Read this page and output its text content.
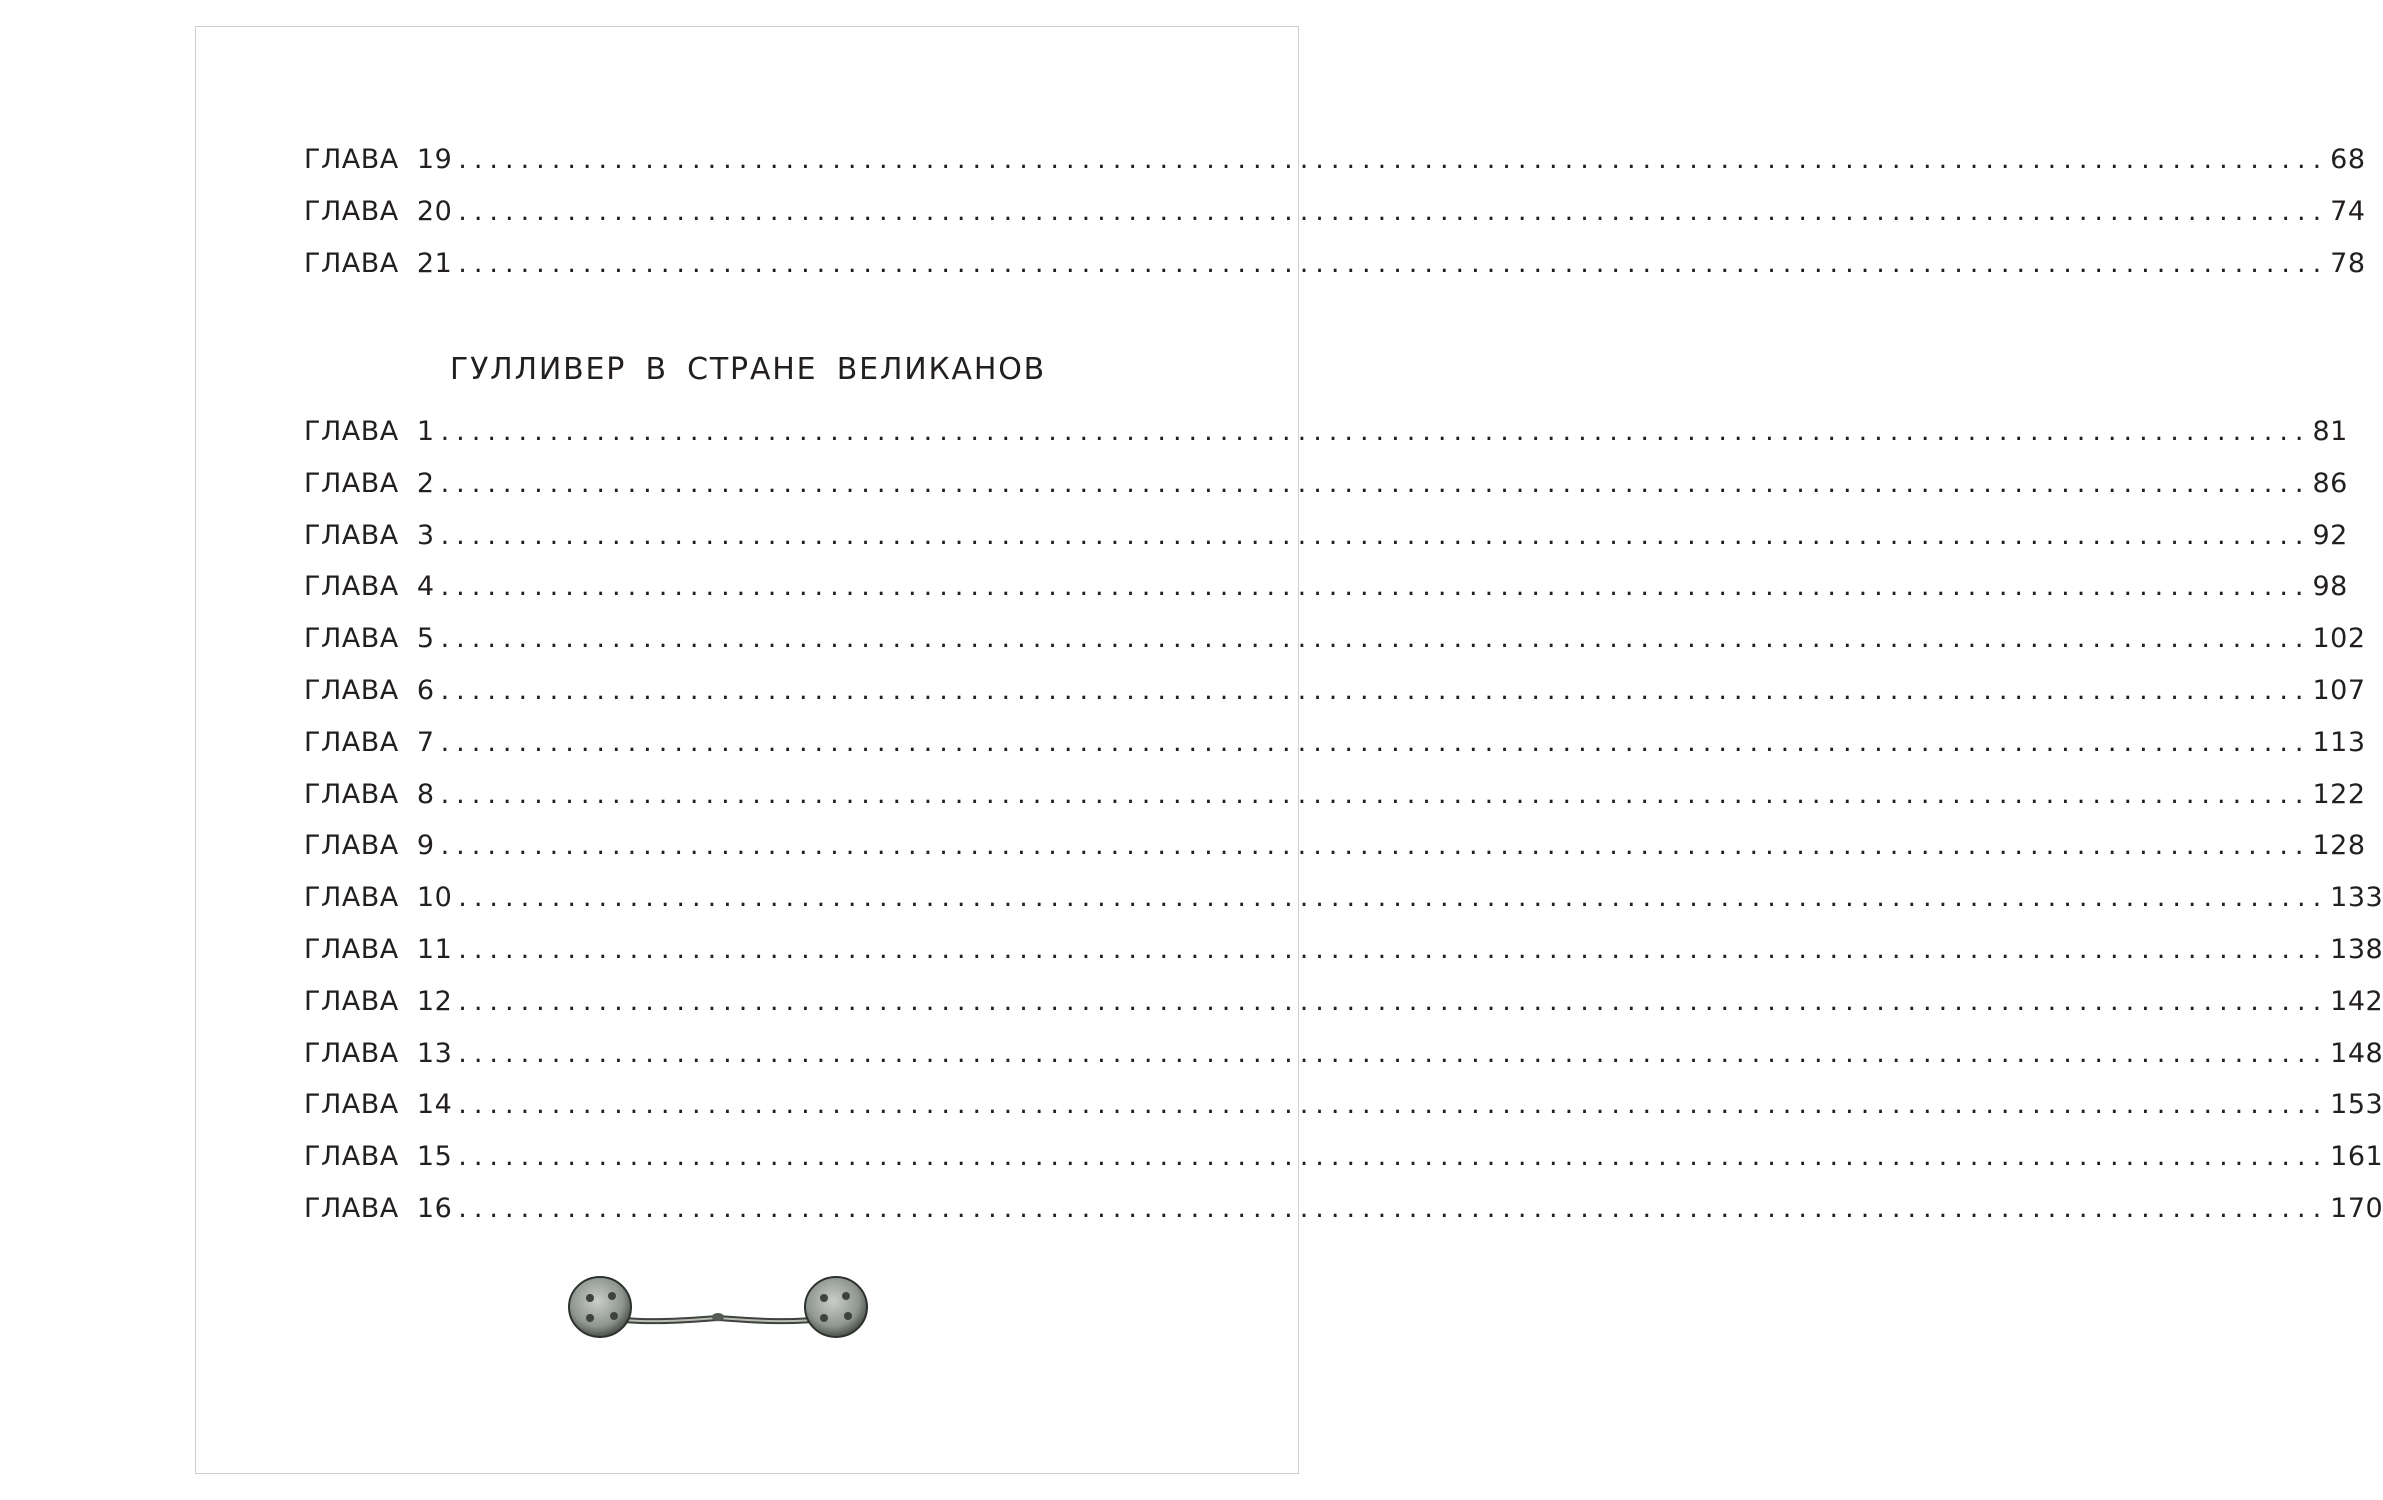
ГЛАВА  19 ........................................................................................................................ 68
ГЛАВА  20 ........................................................................................................................ 74
ГЛАВА  21 ........................................................................................................................ 78
ГУЛЛИВЕР В СТРАНЕ ВЕЛИКАНОВ
ГЛАВА  1 ........................................................................................................................ 81
ГЛАВА  2 ........................................................................................................................ 86
ГЛАВА  3 ........................................................................................................................ 92
ГЛАВА  4 ........................................................................................................................ 98
ГЛАВА  5 ........................................................................................................................ 102
ГЛАВА  6 ........................................................................................................................ 107
ГЛАВА  7 ........................................................................................................................ 113
ГЛАВА  8 ........................................................................................................................ 122
ГЛАВА  9 ........................................................................................................................ 128
ГЛАВА  10 ........................................................................................................................ 133
ГЛАВА  11 ........................................................................................................................ 138
ГЛАВА  12 ........................................................................................................................ 142
ГЛАВА  13 ........................................................................................................................ 148
ГЛАВА  14 ........................................................................................................................ 153
ГЛАВА  15 ........................................................................................................................ 161
ГЛАВА  16 ........................................................................................................................ 170
